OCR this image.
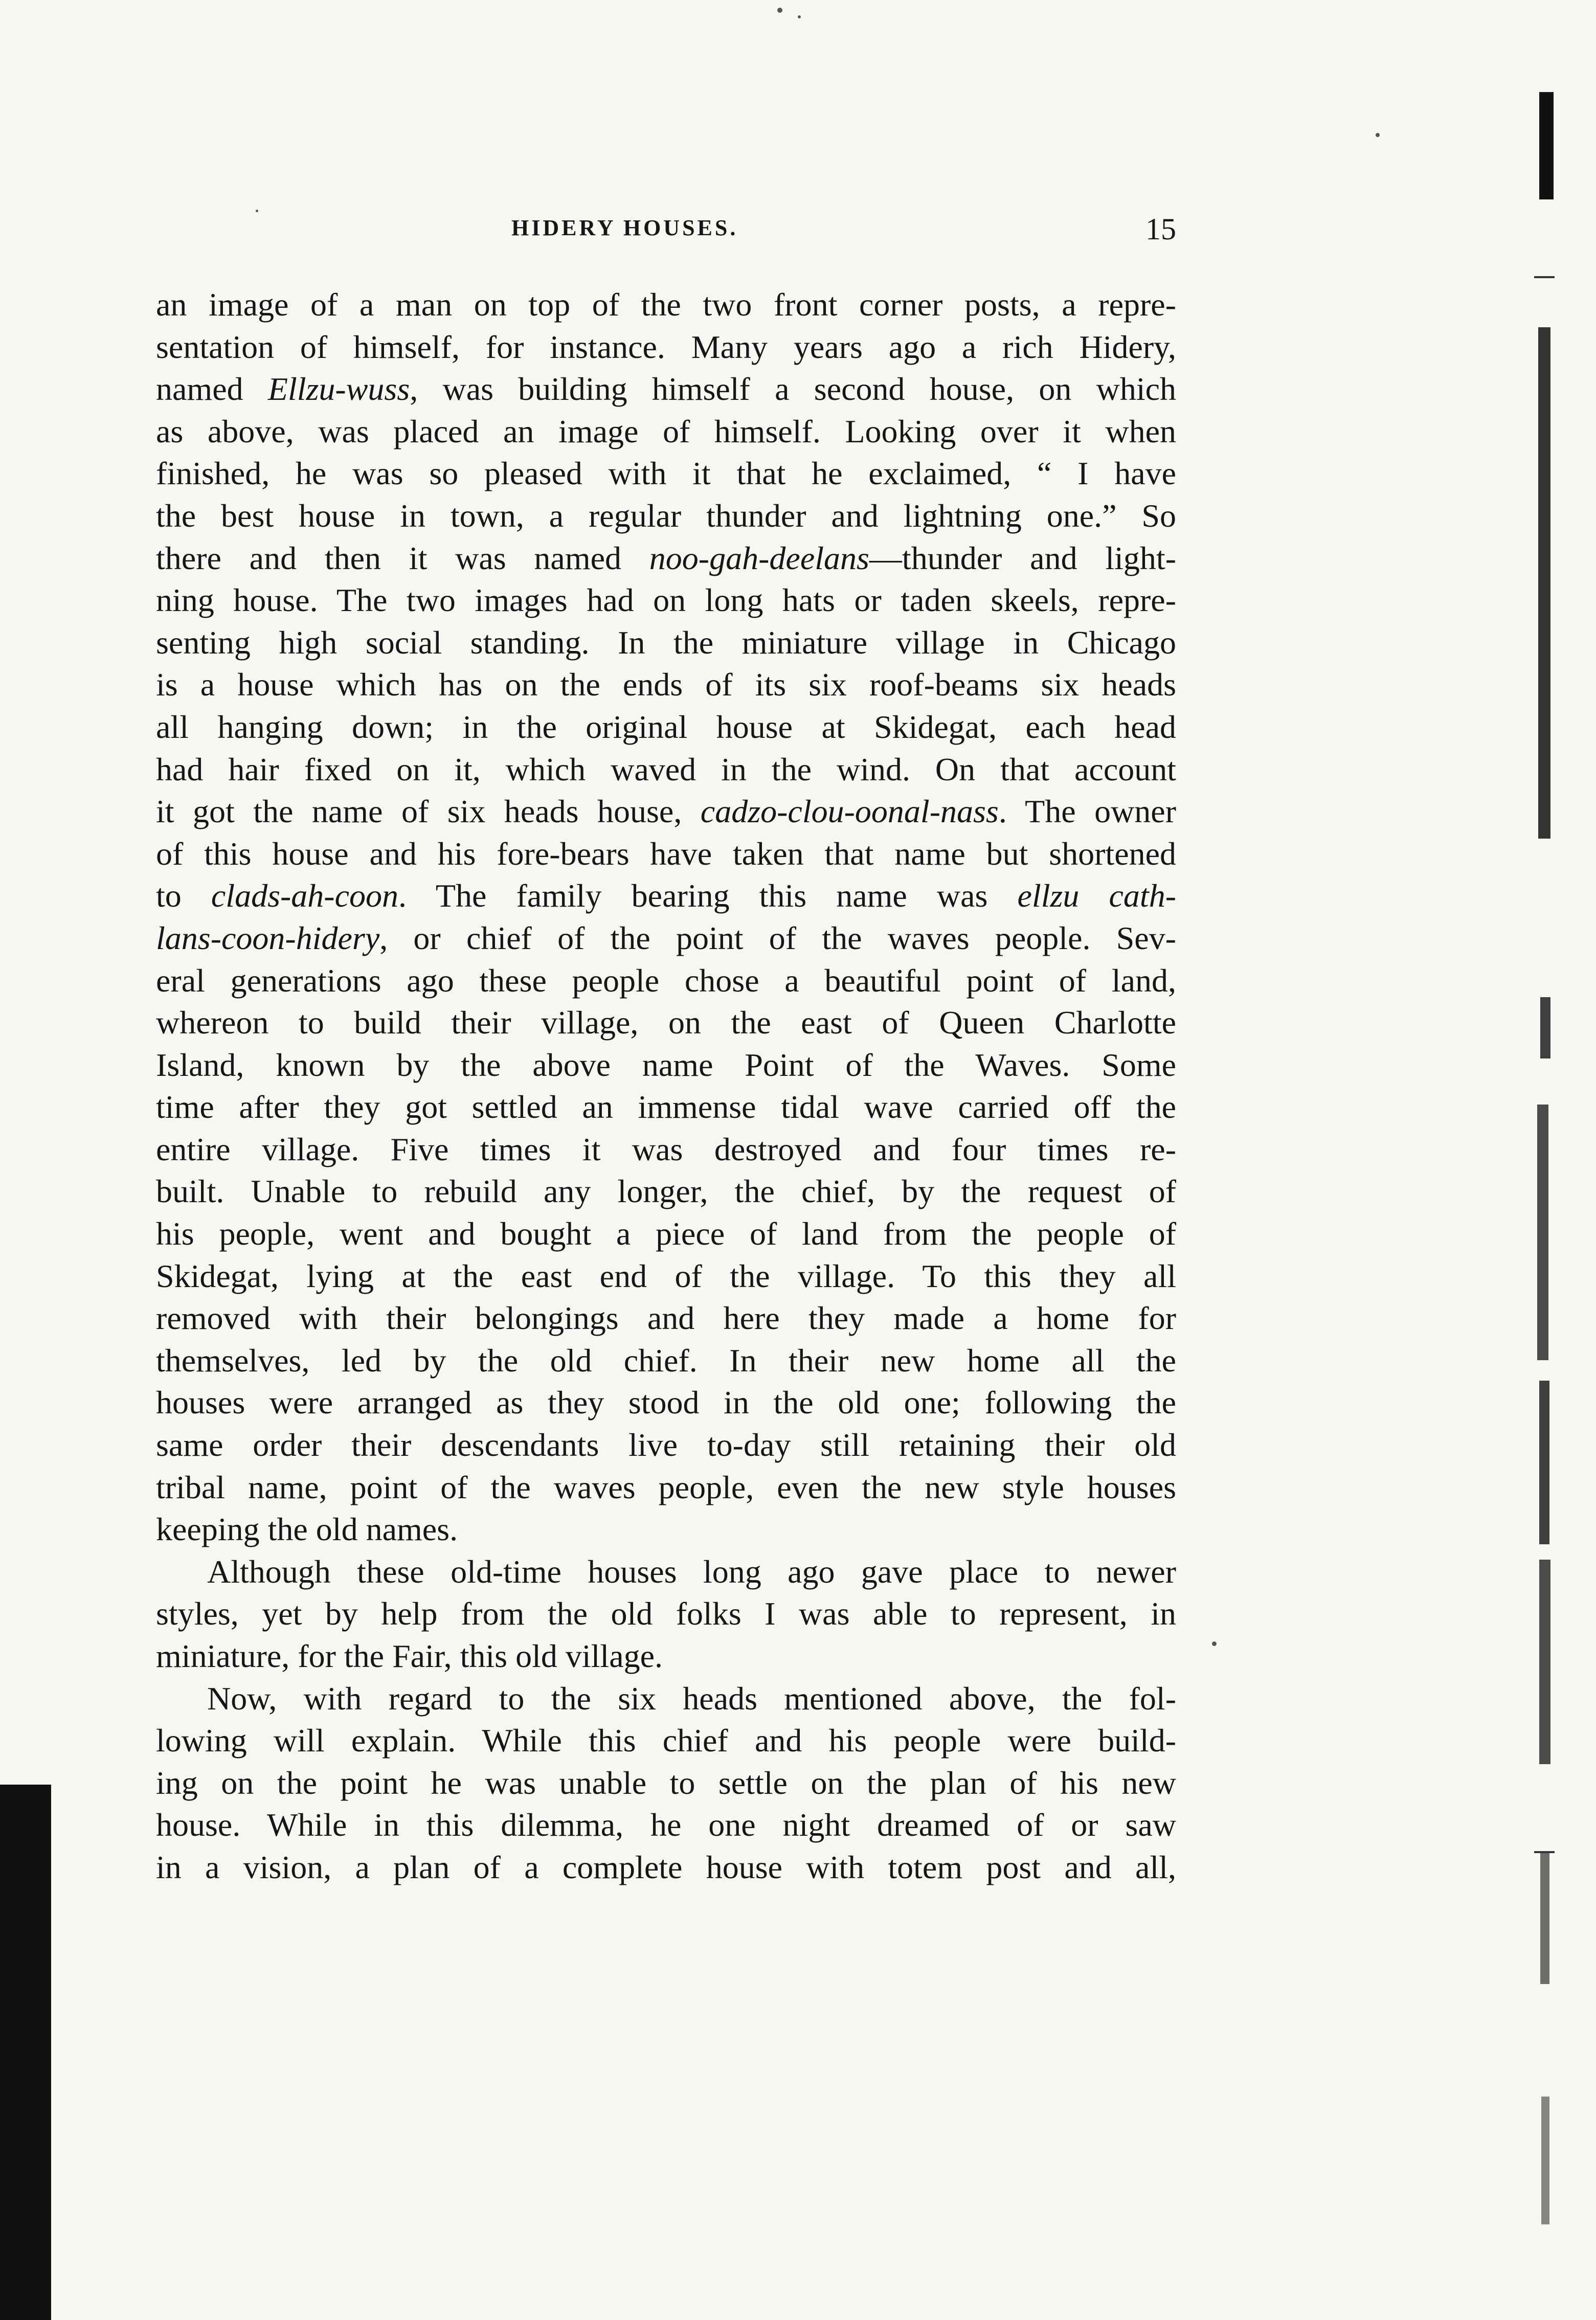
HIDERY HOUSES.	15
an image of a man on top of the two front corner posts, a repre-
sentation of himself, for instance. Many years ago a rich Hidery,
named Ellzu-wuss, was building himself a second house, on which
as above, was placed an image of himself. Looking over it when
finished, he was so pleased with it that he exclaimed, “ I have
the best house in town, a regular thunder and lightning one.” So
there and then it was named noo-gah-deelans—thunder and light-
ning house. The two images had on long hats or taden skeels, repre-
senting high social standing. In the miniature village in Chicago
is a house which has on the ends of its six roof-beams six heads
all hanging down; in the original house at Skidegat, each head
had hair fixed on it, which waved in the wind. On that account
it got the name of six heads house, cadzo-clou-oonal-nass. The owner
of this house and his fore-bears have taken that name but shortened
to clads-ah-coon. The family bearing this name was ellzu cath-
lans-coon-hidery, or chief of the point of the waves people. Sev-
eral generations ago these people chose a beautiful point of land,
whereon to build their village, on the east of Queen Charlotte
Island, known by the above name Point of the Waves. Some
time after they got settled an immense tidal wave carried off the
entire village. Five times it was destroyed and four times re-
built. Unable to rebuild any longer, the chief, by the request of
his people, went and bought a piece of land from the people of
Skidegat, lying at the east end of the village. To this they all
removed with their belongings and here they made a home for
themselves, led by the old chief. In their new home all the
houses were arranged as they stood in the old one; following the
same order their descendants live to-day still retaining their old
tribal name, point of the waves people, even the new style houses
keeping the old names.
Although these old-time houses long ago gave place to newer
styles, yet by help from the old folks I was able to represent, in
miniature, for the Fair, this old village.
Now, with regard to the six heads mentioned above, the fol-
lowing will explain. While this chief and his people were build-
ing on the point he was unable to settle on the plan of his new
house. While in this dilemma, he one night dreamed of or saw
in a vision, a plan of a complete house with totem post and all,
